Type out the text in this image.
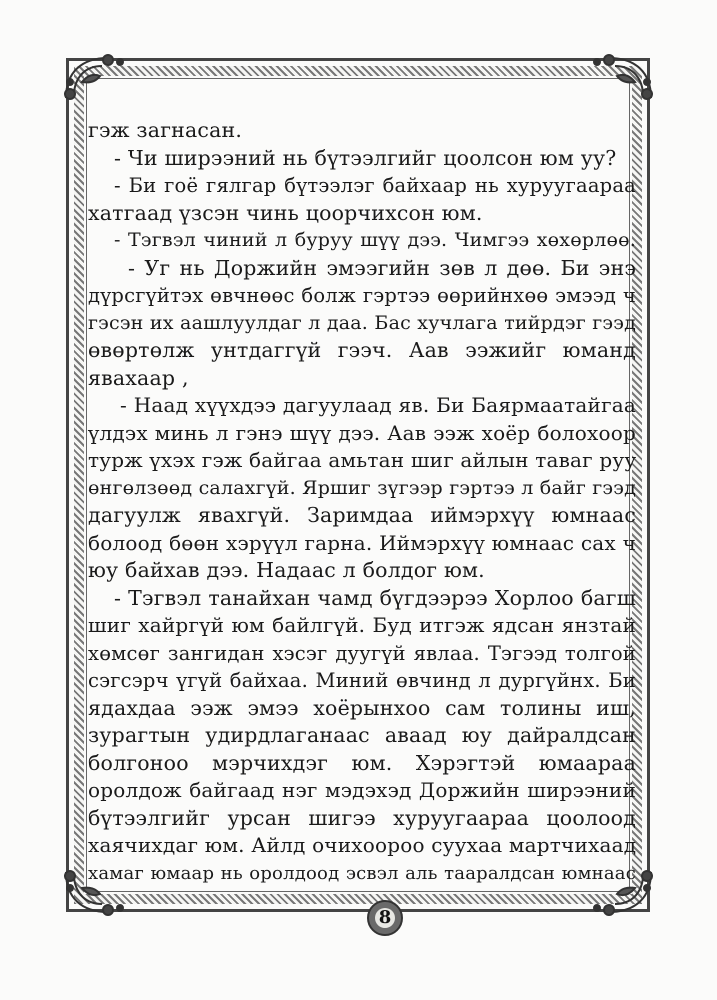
гэж загнасан.
- Чи ширээний нь бүтээлгийг цоолсон юм уу?
- Би гоё гялгар бүтээлэг байхаар нь хуруугаараа
хатгаад үзсэн чинь цоорчихсон юм.
- Тэгвэл чиний л буруу шүү дээ. Чимгээ хөхөрлөө.
- Уг нь Доржийн эмээгийн зөв л дөө. Би энэ
дүрсгүйтэх өвчнөөс болж гэртээ өөрийнхөө эмээд ч
гэсэн их аашлуулдаг л даа. Бас хучлага тийрдэг гээд
өвөртөлж унтдаггүй гээч. Аав ээжийг юманд
явахаар ,
- Наад хүүхдээ дагуулаад яв. Би Баярмаатайгаа
үлдэх минь л гэнэ шүү дээ. Аав ээж хоёр болохоор
турж үхэх гэж байгаа амьтан шиг айлын таваг руу
өнгөлзөөд салахгүй. Яршиг зүгээр гэртээ л байг гээд
дагуулж явахгүй. Заримдаа иймэрхүү юмнаас
болоод бөөн хэрүүл гарна. Иймэрхүү юмнаас сах ч
юу байхав дээ. Надаас л болдог юм.
- Тэгвэл танайхан чамд бүгдээрээ Хорлоо багш
шиг хайргүй юм байлгүй. Буд итгэж ядсан янзтай
хөмсөг зангидан хэсэг дуугүй явлаа. Тэгээд толгой
сэгсэрч үгүй байхаа. Миний өвчинд л дургүйнх. Би
ядахдаа ээж эмээ хоёрынхоо сам толины иш,
зурагтын удирдлаганаас аваад юу дайралдсан
болгоноо мэрчихдэг юм. Хэрэгтэй юмаараа
оролдож байгаад нэг мэдэхэд Доржийн ширээний
бүтээлгийг урсан шигээ хуруугаараа цоолоод
хаячихдаг юм. Айлд очихоороо суухаа мартчихаад
хамаг юмаар нь оролдоод эсвэл аль тааралдсан юмнаас
8
